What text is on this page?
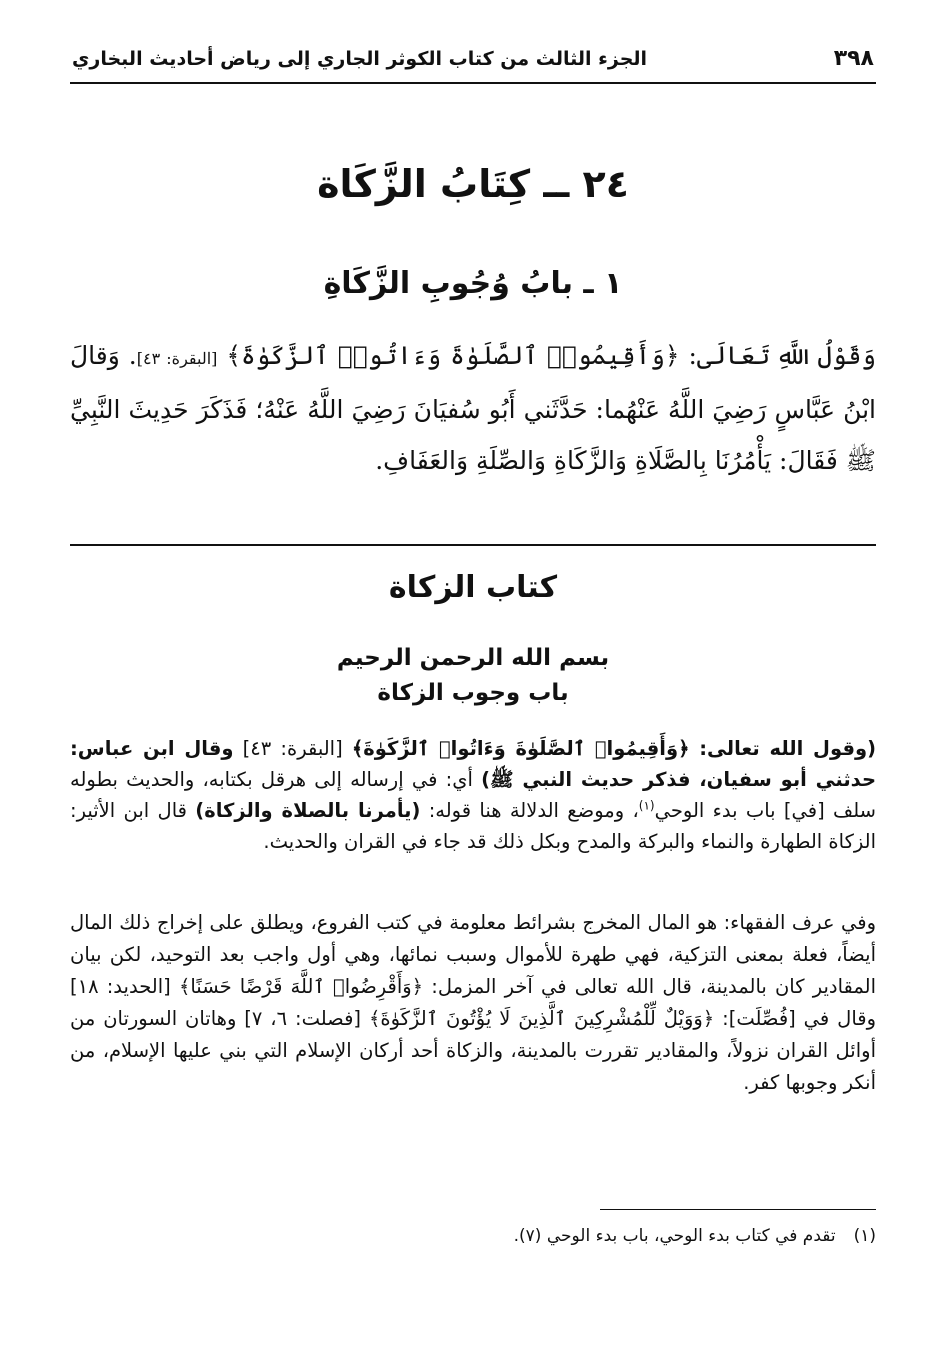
٣٩٨
الجزء الثالث من كتاب الكوثر الجاري إلى رياض أحاديث البخاري
٢٤ ــ كِتَابُ الزَّكَاة
١ ـ بابُ وُجُوبِ الزَّكَاةِ
وَقَوْلُ اللَّهِ تَعَالَى: ﴿وَأَقِيمُوا۟ ٱلصَّلَوٰةَ وَءَاتُوا۟ ٱلزَّكَوٰةَ﴾ [البقرة: ٤٣]. وَقالَ ابْنُ عَبَّاسٍ رَضِيَ اللَّهُ عَنْهُما: حَدَّثَني أَبُو سُفيَانَ رَضِيَ اللَّهُ عَنْهُ؛ فَذَكَرَ حَدِيثَ النَّبِيِّ ﷺ فَقَالَ: يَأْمُرُنَا بِالصَّلَاةِ وَالزَّكَاةِ وَالصِّلَةِ وَالعَفَافِ.
كتاب الزكاة
بسم الله الرحمن الرحيم
باب وجوب الزكاة
(وقول الله تعالى: ﴿وَأَقِيمُوا۟ ٱلصَّلَوٰةَ وَءَاتُوا۟ ٱلزَّكَوٰةَ﴾ [البقرة: ٤٣] وقال ابن عباس: حدثني أبو سفيان، فذكر حديث النبي ﷺ) أي: في إرساله إلى هرقل بكتابه، والحديث بطوله سلف [في] باب بدء الوحي$^{(١)}$، وموضع الدلالة هنا قوله: (يأمرنا بالصلاة والزكاة) قال ابن الأثير: الزكاة الطهارة والنماء والبركة والمدح وبكل ذلك قد جاء في القران والحديث.
وفي عرف الفقهاء: هو المال المخرج بشرائط معلومة في كتب الفروع، ويطلق على إخراج ذلك المال أيضاً، فعلة بمعنى التزكية، فهي طهرة للأموال وسبب نمائها، وهي أول واجب بعد التوحيد، لكن بيان المقادير كان بالمدينة، قال الله تعالى في آخر المزمل: ﴿وَأَقْرِضُوا۟ ٱللَّهَ قَرْضًا حَسَنًا﴾ [الحديد: ١٨] وقال في [فُصِّلَت]: ﴿وَوَيْلٌ لِّلْمُشْرِكِينَ ٱلَّذِينَ لَا يُؤْتُونَ ٱلزَّكَوٰةَ﴾ [فصلت: ٦، ٧] وهاتان السورتان من أوائل القران نزولاً، والمقادير تقررت بالمدينة، والزكاة أحد أركان الإسلام التي بني عليها الإسلام، من أنكر وجوبها كفر.
(١)تقدم في كتاب بدء الوحي، باب بدء الوحي (٧).
